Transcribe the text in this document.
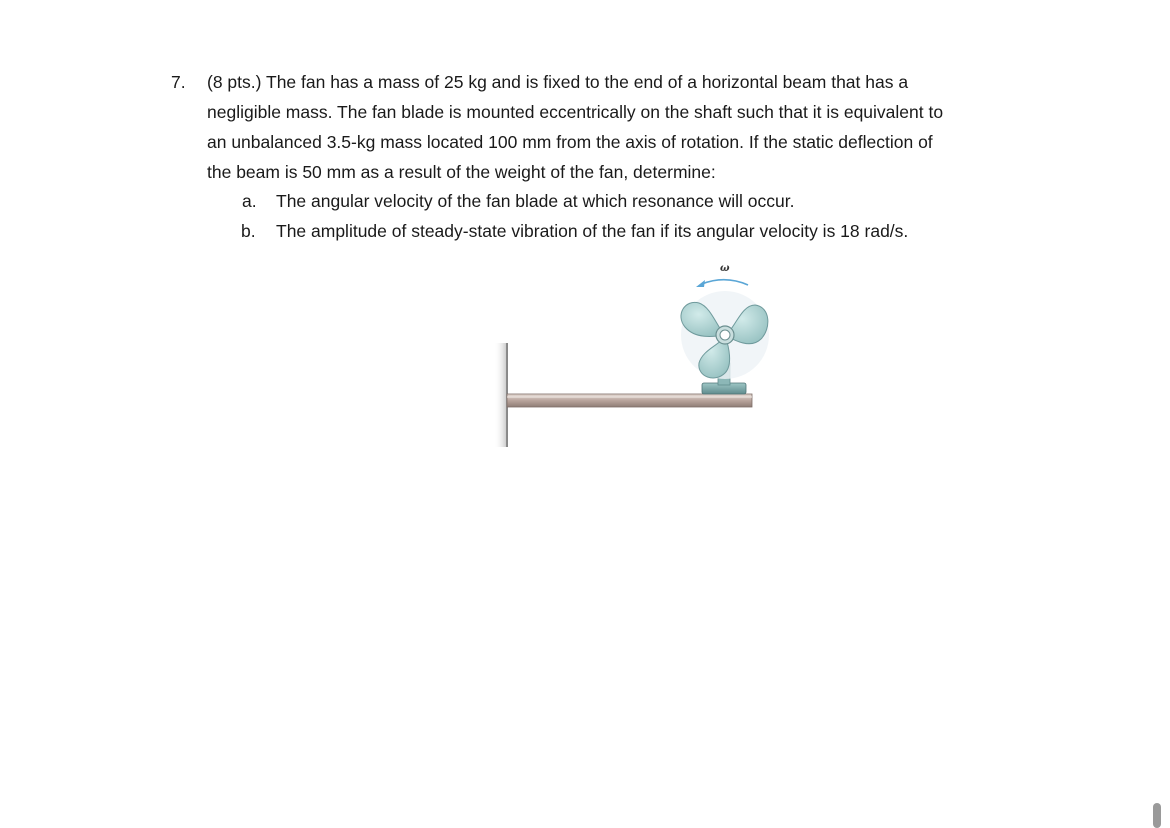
7. (8 pts.) The fan has a mass of 25 kg and is fixed to the end of a horizontal beam that has a
negligible mass. The fan blade is mounted eccentrically on the shaft such that it is equivalent to
an unbalanced 3.5-kg mass located 100 mm from the axis of rotation. If the static deflection of
the beam is 50 mm as a result of the weight of the fan, determine:
a. The angular velocity of the fan blade at which resonance will occur.
b. The amplitude of steady-state vibration of the fan if its angular velocity is 18 rad/s.
ω
